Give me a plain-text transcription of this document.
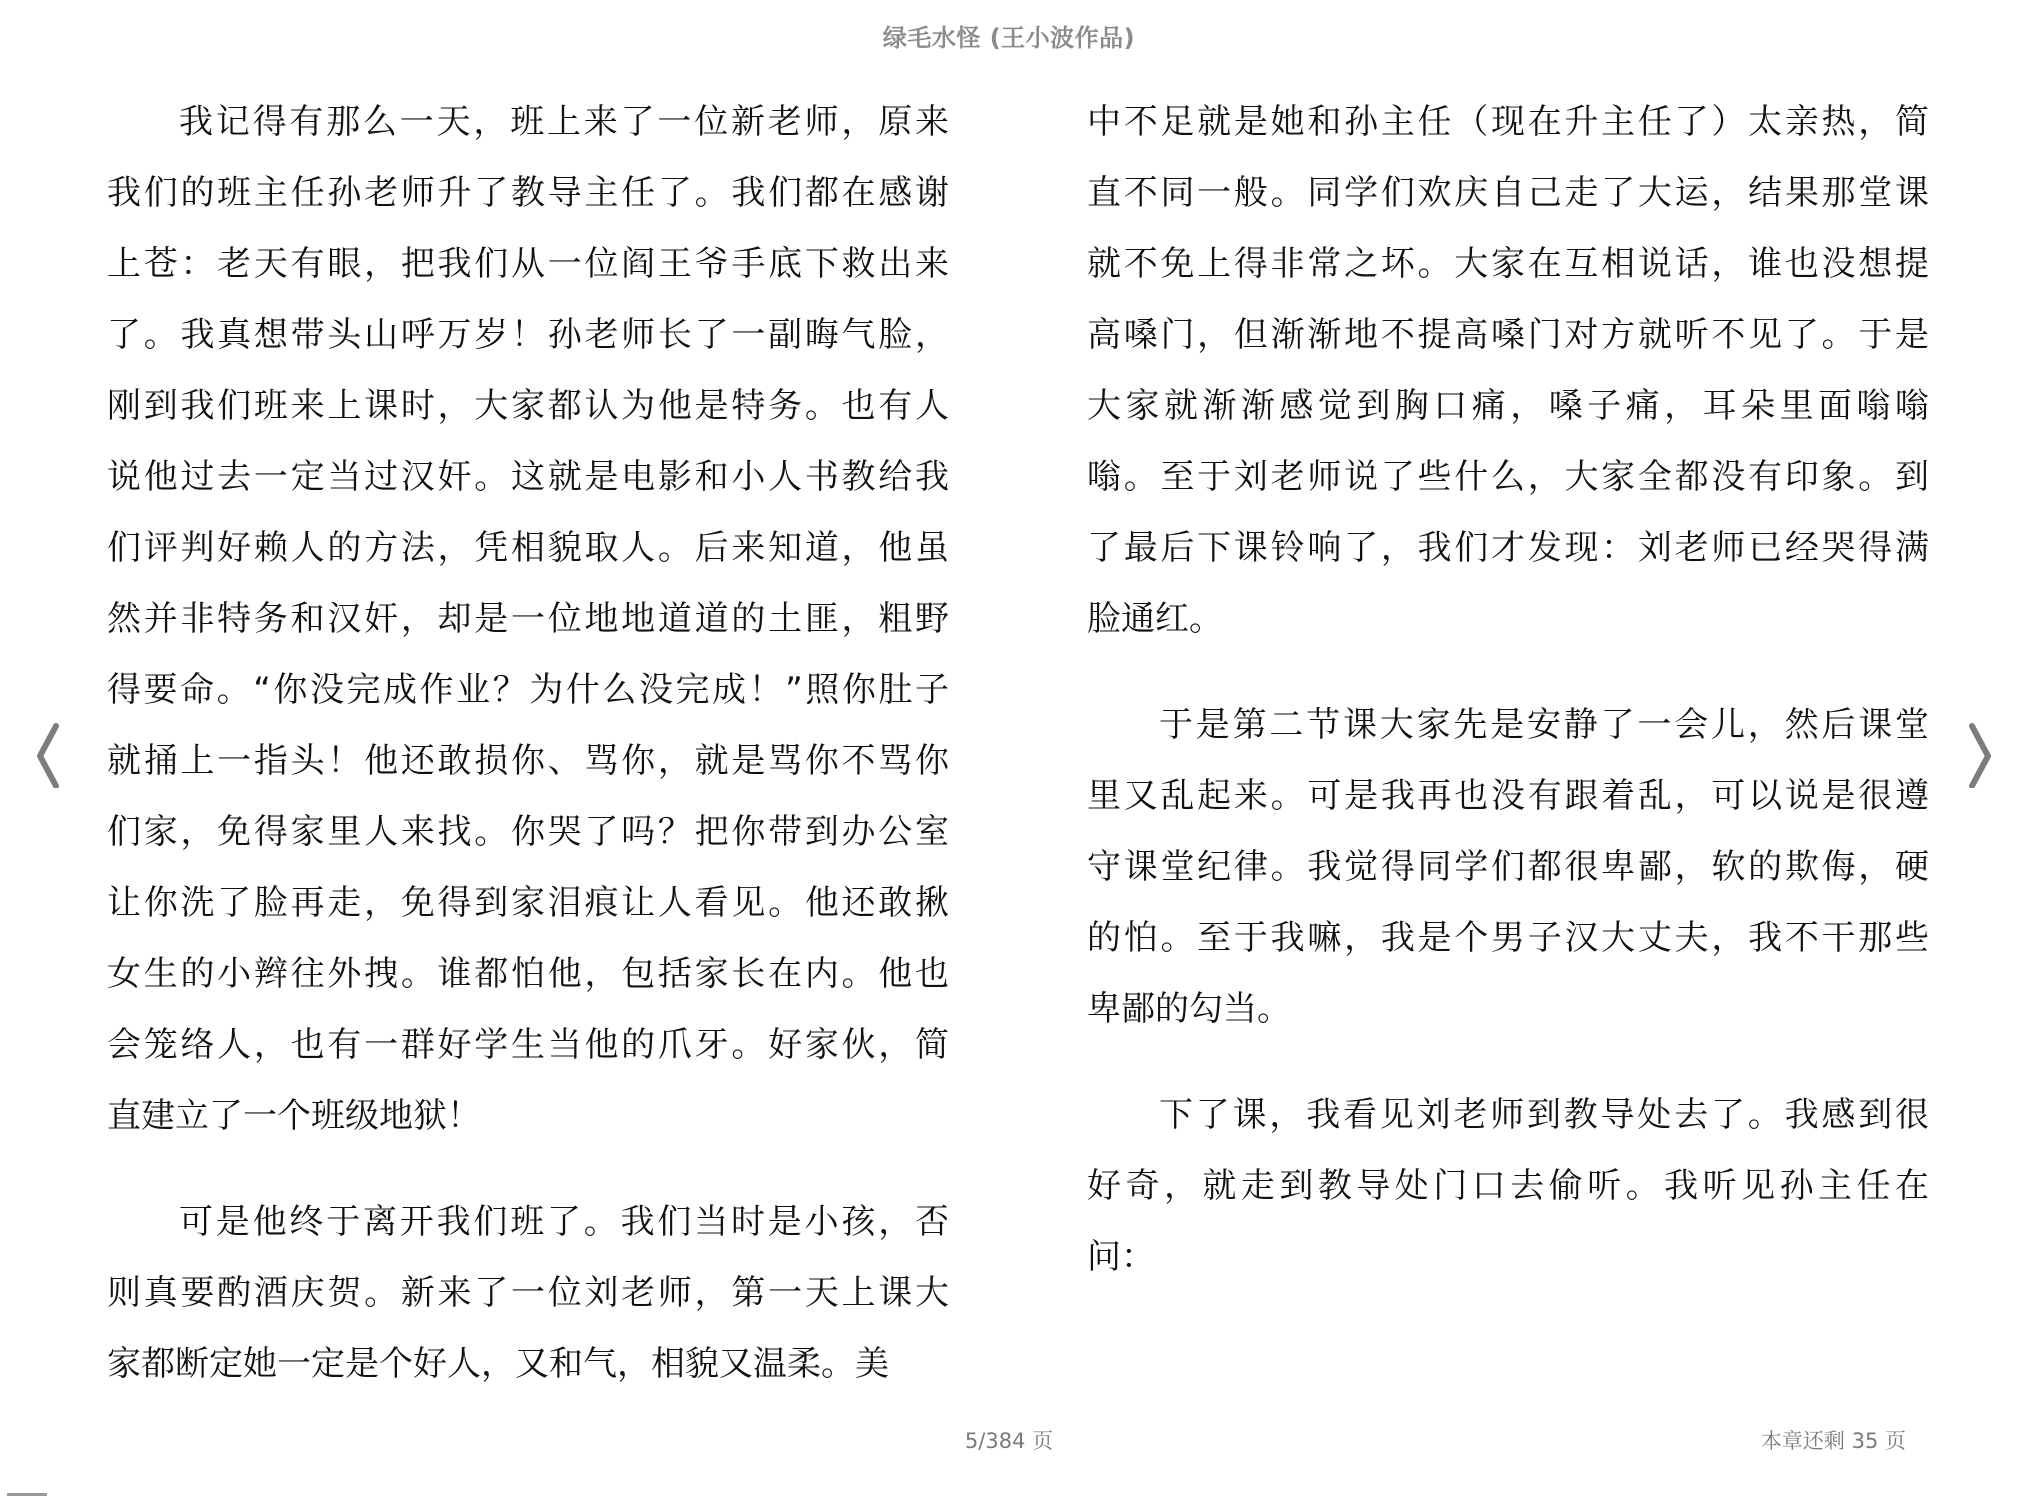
绿毛水怪 (王小波作品)

我记得有那么一天，班上来了一位新老师，原来
我们的班主任孙老师升了教导主任了。我们都在感谢
上苍：老天有眼，把我们从一位阎王爷手底下救出来
了。我真想带头山呼万岁！孙老师长了一副晦气脸，
刚到我们班来上课时，大家都认为他是特务。也有人
说他过去一定当过汉奸。这就是电影和小人书教给我
们评判好赖人的方法，凭相貌取人。后来知道，他虽
然并非特务和汉奸，却是一位地地道道的土匪，粗野
得要命。“你没完成作业？为什么没完成！”照你肚子
就捅上一指头！他还敢损你、骂你，就是骂你不骂你
们家，免得家里人来找。你哭了吗？把你带到办公室
让你洗了脸再走，免得到家泪痕让人看见。他还敢揪
女生的小辫往外拽。谁都怕他，包括家长在内。他也
会笼络人，也有一群好学生当他的爪牙。好家伙，简
直建立了一个班级地狱！

可是他终于离开我们班了。我们当时是小孩，否
则真要酌酒庆贺。新来了一位刘老师，第一天上课大
家都断定她一定是个好人，又和气，相貌又温柔。美

中不足就是她和孙主任（现在升主任了）太亲热，简
直不同一般。同学们欢庆自己走了大运，结果那堂课
就不免上得非常之坏。大家在互相说话，谁也没想提
高嗓门，但渐渐地不提高嗓门对方就听不见了。于是
大家就渐渐感觉到胸口痛，嗓子痛，耳朵里面嗡嗡
嗡。至于刘老师说了些什么，大家全都没有印象。到
了最后下课铃响了，我们才发现：刘老师已经哭得满
脸通红。

于是第二节课大家先是安静了一会儿，然后课堂
里又乱起来。可是我再也没有跟着乱，可以说是很遵
守课堂纪律。我觉得同学们都很卑鄙，软的欺侮，硬
的怕。至于我嘛，我是个男子汉大丈夫，我不干那些
卑鄙的勾当。

下了课，我看见刘老师到教导处去了。我感到很
好奇，就走到教导处门口去偷听。我听见孙主任在
问：

5/384 页	本章还剩 35 页
